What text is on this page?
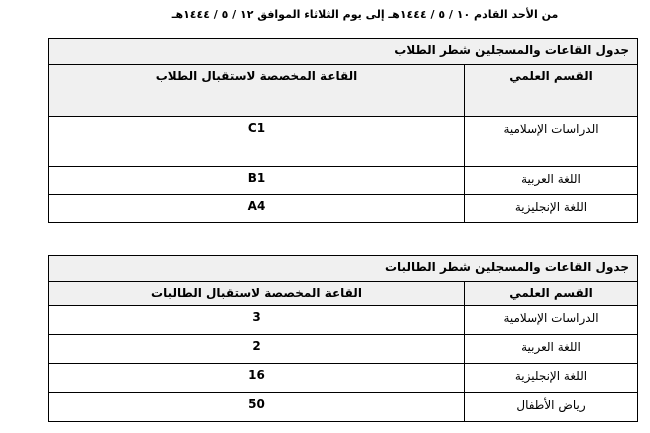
من الأحد القادم ١٠ / ٥ / ١٤٤٤هـ إلى يوم الثلاثاء الموافق ١٢ / ٥ / ١٤٤٤هـ
جدول القاعات والمسجلين شطر الطلاب	
القسم العلمي	القاعة المخصصة لاستقبال الطلاب
الدراسات الإسلامية	C1
اللغة العربية	B1
اللغة الإنجليزية	A4
جدول القاعات والمسجلين شطر الطالبات	
القسم العلمي	القاعة المخصصة لاستقبال الطالبات
الدراسات الإسلامية	3
اللغة العربية	2
اللغة الإنجليزية	16
رياض الأطفال	50
